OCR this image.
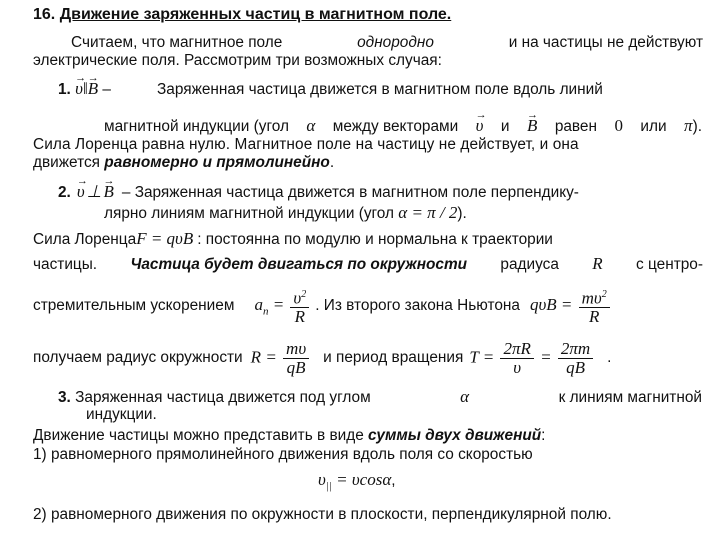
16. Движение заряженных частиц в магнитном поле.
Считаем, что магнитное поле	однородно	и на частицы не действуют
электрические поля. Рассмотрим три возможных случая:
1. → υ‖→ B –	Заряженная частица движется в магнитном поле вдоль линий
магнитной индукции (угол α между векторами → υ и → B равен 0 или π).
Сила Лоренца равна нулю. Магнитное поле на частицу не действует, и она
движется равномерно и прямолинейно.
2. → υ ⊥ → B – Заряженная частица движется в магнитном поле перпендику-
лярно линиям магнитной индукции (угол α = π / 2).
Сила Лоренца F = qυB : постоянна по модулю и нормальна к траектории
частицы. Частица будет двигаться по окружности радиуса R с центро-
стремительным ускорением $a_n = \frac{\upsilon^2}{R}$ . Из второго закона Ньютона $q\upsilon B = \frac{m\upsilon^2}{R}$
получаем радиус окружности $R = \frac{m\upsilon}{qB}$ и период вращения $T = \frac{2\pi R}{\upsilon} = \frac{2\pi m}{qB}$ .
3. Заряженная частица движется под углом	α	к линиям магнитной
индукции.
Движение частицы можно представить в виде суммы двух движений:
1) равномерного прямолинейного движения вдоль поля со скоростью
$\upsilon_{||} = \upsilon\cos\alpha$,
2) равномерного движения по окружности в плоскости, перпендикулярной полю.
